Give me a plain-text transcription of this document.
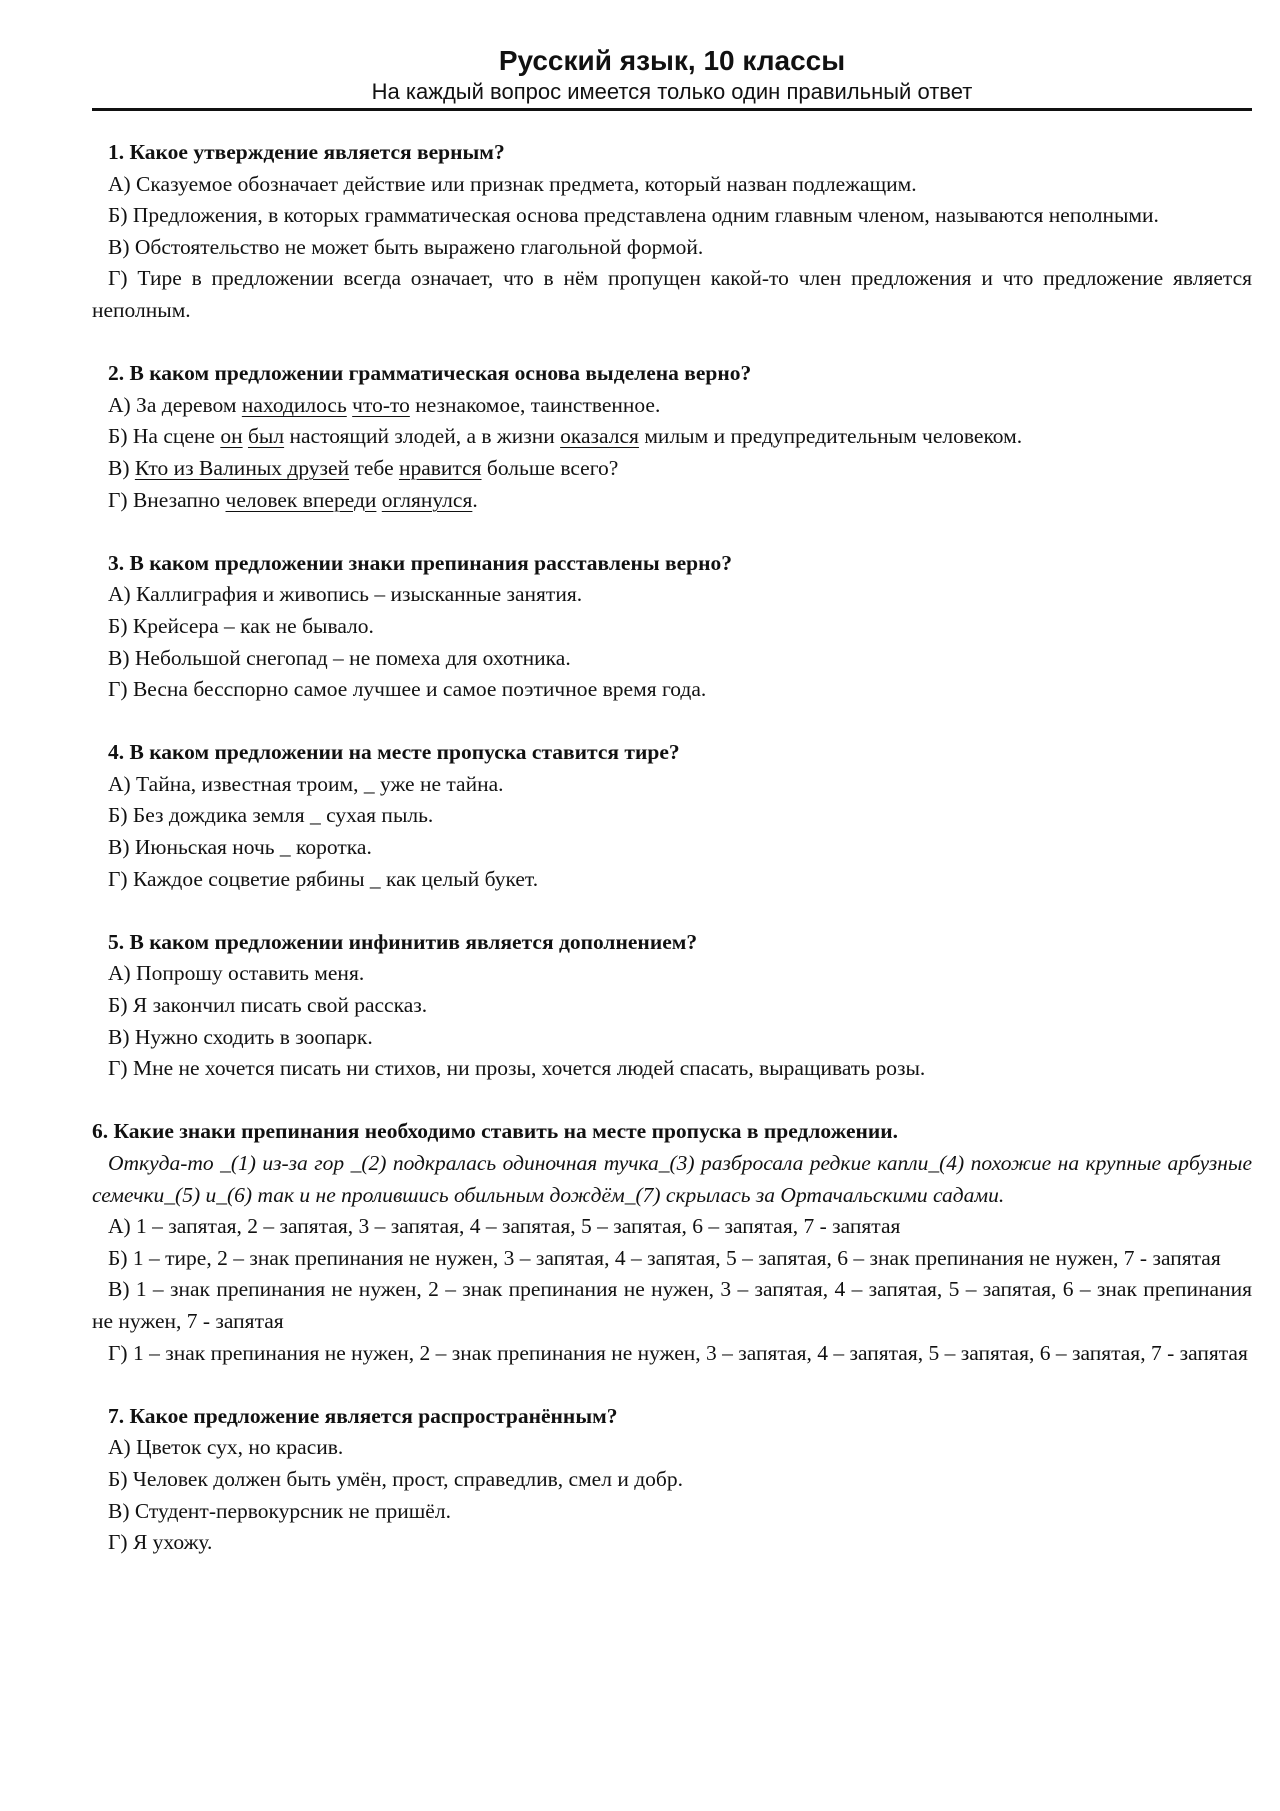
Русский язык, 10 классы

На каждый вопрос имеется только один правильный ответ

1. Какое утверждение является верным?

А) Сказуемое обозначает действие или признак предмета, который назван подлежащим.

Б) Предложения, в которых грамматическая основа представлена одним главным членом, называются неполными.

В) Обстоятельство не может быть выражено глагольной формой.

Г) Тире в предложении всегда означает, что в нём пропущен какой-то член предложения и что предложение является неполным.

2. В каком предложении грамматическая основа выделена верно?

А) За деревом находилось что-то незнакомое, таинственное.

Б) На сцене он был настоящий злодей, а в жизни оказался милым и предупредительным человеком.

В) Кто из Валиных друзей тебе нравится больше всего?

Г) Внезапно человек впереди оглянулся.

3. В каком предложении знаки препинания расставлены верно?

А) Каллиграфия и живопись – изысканные занятия.

Б) Крейсера – как не бывало.

В) Небольшой снегопад – не помеха для охотника.

Г) Весна бесспорно самое лучшее и самое поэтичное время года.

4. В каком предложении на месте пропуска ставится тире?

А) Тайна, известная троим, _ уже не тайна.

Б) Без дождика земля _ сухая пыль.

В) Июньская ночь _ коротка.

Г) Каждое соцветие рябины _ как целый букет.

5. В каком предложении инфинитив является дополнением?

А) Попрошу оставить меня.

Б) Я закончил писать свой рассказ.

В) Нужно сходить в зоопарк.

Г) Мне не хочется писать ни стихов, ни прозы, хочется людей спасать, выращивать розы.

6. Какие знаки препинания необходимо ставить на месте пропуска в предложении.

Откуда-то _(1) из-за гор _(2) подкралась одиночная тучка_(3) разбросала редкие капли_(4) похожие на крупные арбузные семечки_(5) и_(6) так и не пролившись обильным дождём_(7) скрылась за Ортачальскими садами.

А) 1 – запятая, 2 – запятая, 3 – запятая, 4 – запятая, 5 – запятая, 6 – запятая, 7 - запятая

Б) 1 – тире, 2 – знак препинания не нужен, 3 – запятая, 4 – запятая, 5 – запятая, 6 – знак препинания не нужен, 7 - запятая

В) 1 – знак препинания не нужен, 2 – знак препинания не нужен, 3 – запятая, 4 – запятая, 5 – запятая, 6 – знак препинания не нужен, 7 - запятая

Г) 1 – знак препинания не нужен, 2 – знак препинания не нужен, 3 – запятая, 4 – запятая, 5 – запятая, 6 – запятая, 7 - запятая

7. Какое предложение является распространённым?

А) Цветок сух, но красив.

Б) Человек должен быть умён, прост, справедлив, смел и добр.

В) Студент-первокурсник не пришёл.

Г) Я ухожу.
